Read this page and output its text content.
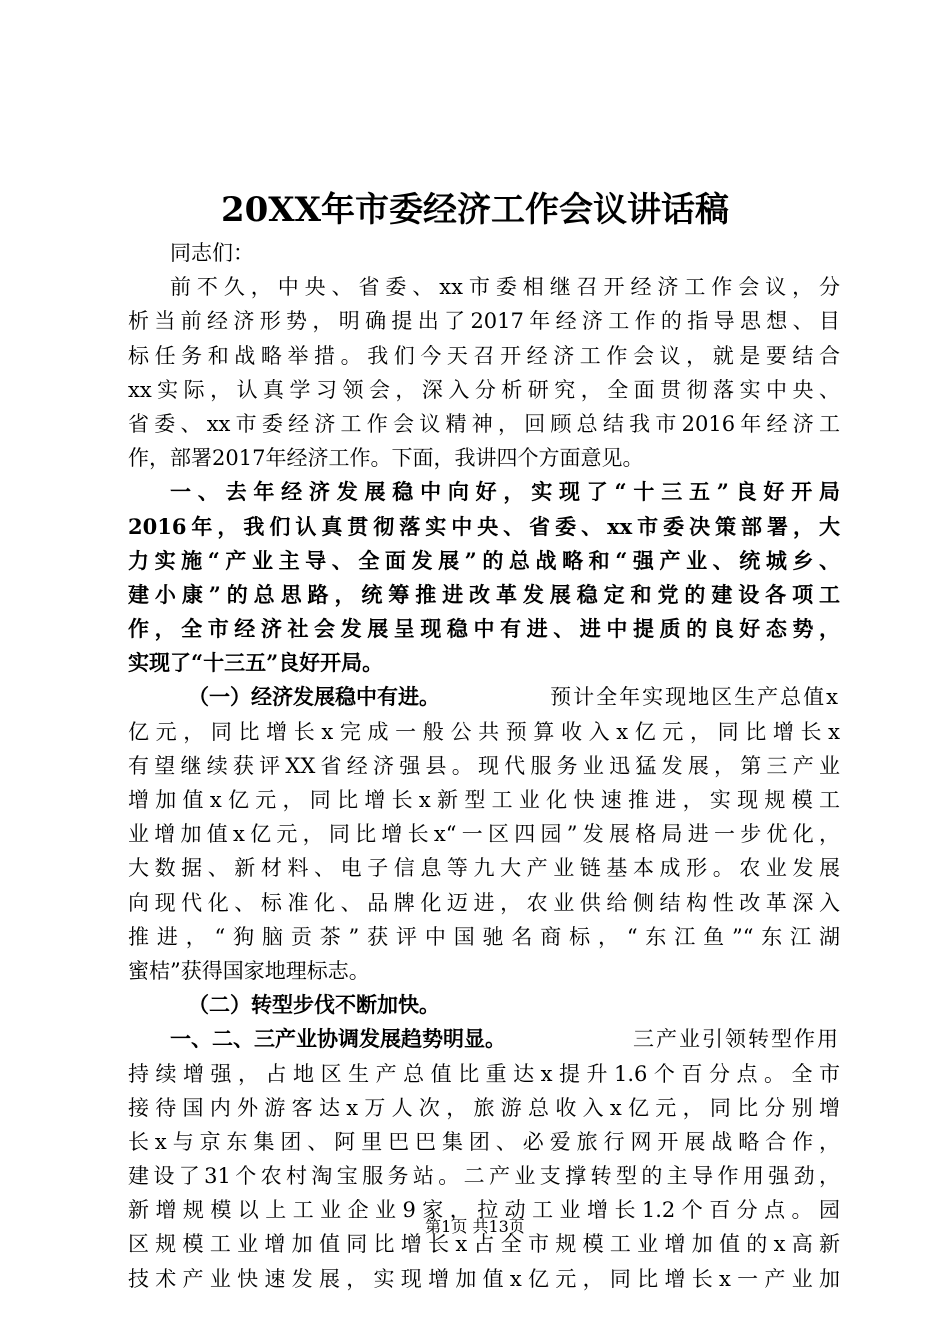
20XX年市委经济工作会议讲话稿
同志们：
前不久，中央、省委、xx市委相继召开经济工作会议，分
析当前经济形势，明确提出了2017年经济工作的指导思想、目
标任务和战略举措。我们今天召开经济工作会议，就是要结合
xx实际，认真学习领会，深入分析研究，全面贯彻落实中央、
省委、xx市委经济工作会议精神，回顾总结我市2016年经济工
作，部署2017年经济工作。下面，我讲四个方面意见。
一、去年经济发展稳中向好，实现了“十三五”良好开局
2016年，我们认真贯彻落实中央、省委、xx市委决策部署，大
力实施“产业主导、全面发展”的总战略和“强产业、统城乡、
建小康”的总思路，统筹推进改革发展稳定和党的建设各项工
作，全市经济社会发展呈现稳中有进、进中提质的良好态势，
实现了“十三五”良好开局。
（一）经济发展稳中有进。	预计全年实现地区生产总值x
亿元，同比增长x完成一般公共预算收入x亿元，同比增长x
有望继续获评XX省经济强县。现代服务业迅猛发展，第三产业
增加值x亿元，同比增长x新型工业化快速推进，实现规模工
业增加值x亿元，同比增长x“一区四园”发展格局进一步优化，
大数据、新材料、电子信息等九大产业链基本成形。农业发展
向现代化、标准化、品牌化迈进，农业供给侧结构性改革深入
推进，“狗脑贡茶”获评中国驰名商标，“东江鱼”“东江湖
蜜桔”获得国家地理标志。
（二）转型步伐不断加快。
一、二、三产业协调发展趋势明显。	三产业引领转型作用
持续增强，占地区生产总值比重达x提升1.6个百分点。全市
接待国内外游客达x万人次，旅游总收入x亿元，同比分别增
长x与京东集团、阿里巴巴集团、必爱旅行网开展战略合作，
建设了31个农村淘宝服务站。二产业支撑转型的主导作用强劲，
新增规模以上工业企业9家，拉动工业增长1.2个百分点。园
区规模工业增加值同比增长x占全市规模工业增加值的x高新
技术产业快速发展，实现增加值x亿元，同比增长x一产业加
第1页 共13页
